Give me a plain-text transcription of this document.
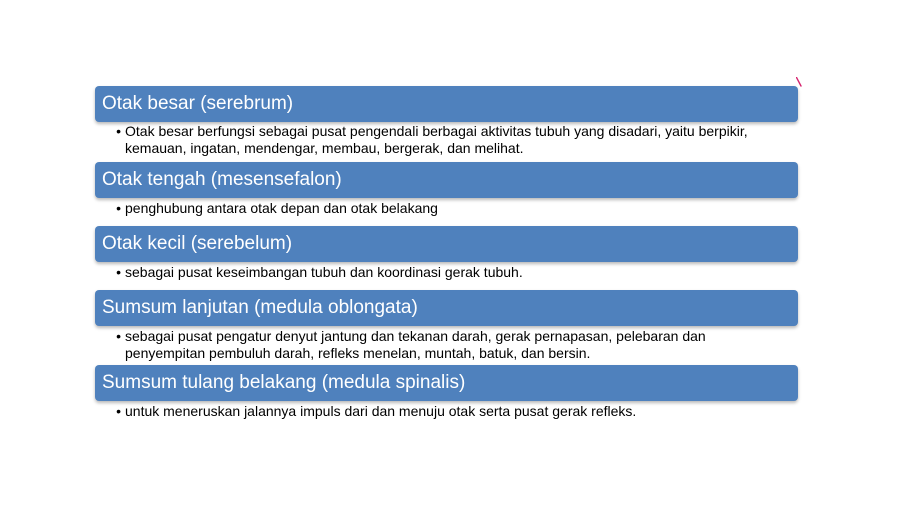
Otak besar (serebrum)
• Otak besar berfungsi sebagai pusat pengendali berbagai aktivitas tubuh yang disadari, yaitu berpikir, kemauan, ingatan, mendengar, membau, bergerak, dan melihat.
Otak tengah (mesensefalon)
• penghubung antara otak depan dan otak belakang
Otak kecil (serebelum)
• sebagai pusat keseimbangan tubuh dan koordinasi gerak tubuh.
Sumsum lanjutan (medula oblongata)
• sebagai pusat pengatur denyut jantung dan tekanan darah, gerak pernapasan, pelebaran dan penyempitan pembuluh darah, refleks menelan, muntah, batuk, dan bersin.
Sumsum tulang belakang (medula spinalis)
• untuk meneruskan jalannya impuls dari dan menuju otak serta pusat gerak refleks.
